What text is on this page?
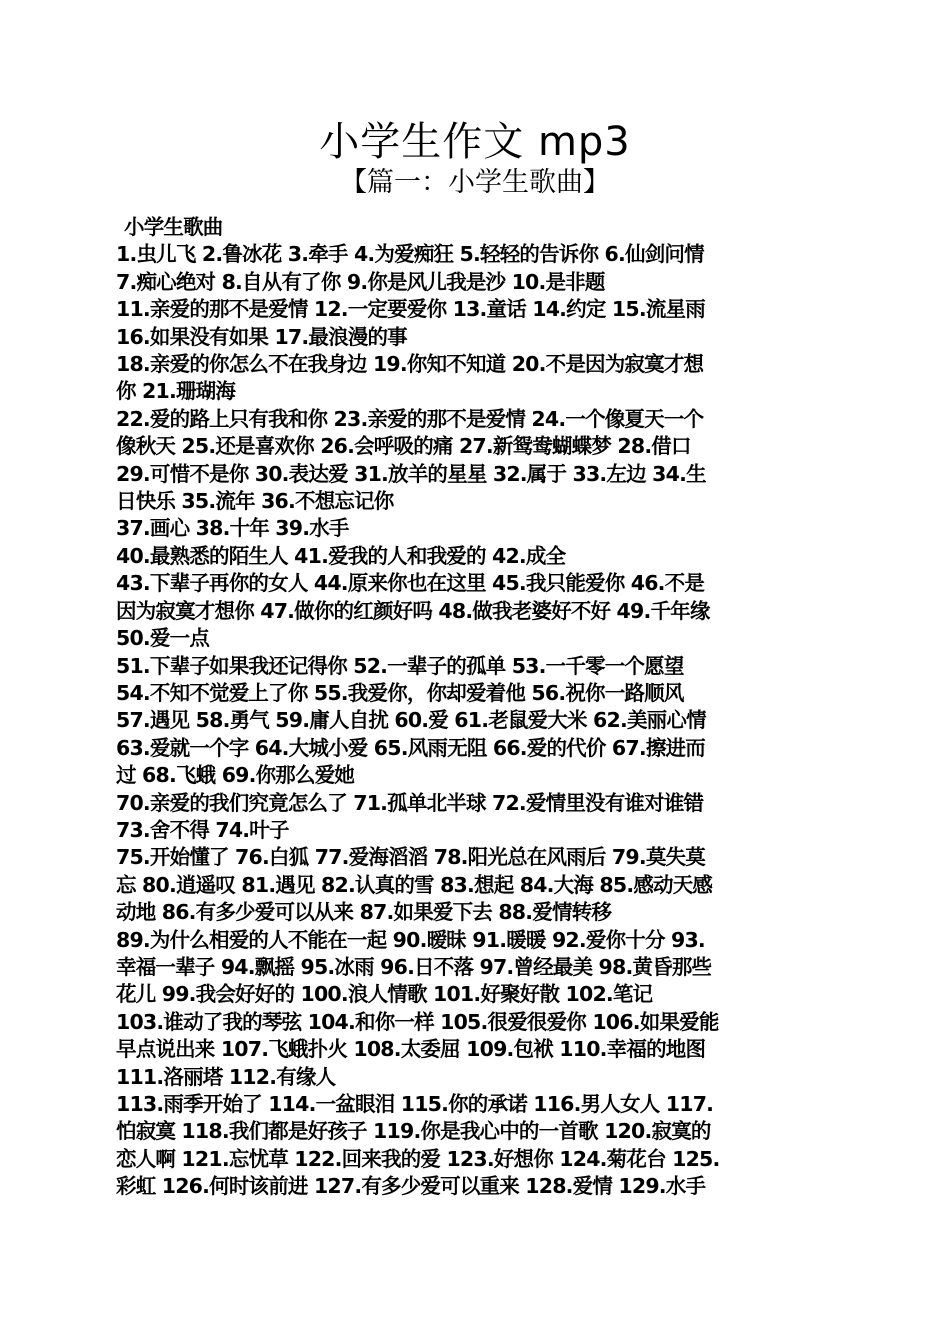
小学生作文 mp3
【篇一：小学生歌曲】
小学生歌曲
1.虫儿飞 2.鲁冰花 3.牵手 4.为爱痴狂 5.轻轻的告诉你 6.仙剑问情
7.痴心绝对 8.自从有了你 9.你是风儿我是沙 10.是非题
11.亲爱的那不是爱情 12.一定要爱你 13.童话 14.约定 15.流星雨
16.如果没有如果 17.最浪漫的事
18.亲爱的你怎么不在我身边 19.你知不知道 20.不是因为寂寞才想
你 21.珊瑚海
22.爱的路上只有我和你 23.亲爱的那不是爱情 24.一个像夏天一个
像秋天 25.还是喜欢你 26.会呼吸的痛 27.新鸳鸯蝴蝶梦 28.借口
29.可惜不是你 30.表达爱 31.放羊的星星 32.属于 33.左边 34.生
日快乐 35.流年 36.不想忘记你
37.画心 38.十年 39.水手
40.最熟悉的陌生人 41.爱我的人和我爱的 42.成全
43.下辈子再你的女人 44.原来你也在这里 45.我只能爱你 46.不是
因为寂寞才想你 47.做你的红颜好吗 48.做我老婆好不好 49.千年缘
50.爱一点
51.下辈子如果我还记得你 52.一辈子的孤单 53.一千零一个愿望
54.不知不觉爱上了你 55.我爱你，你却爱着他 56.祝你一路顺风
57.遇见 58.勇气 59.庸人自扰 60.爱 61.老鼠爱大米 62.美丽心情
63.爱就一个字 64.大城小爱 65.风雨无阻 66.爱的代价 67.擦进而
过 68.飞蛾 69.你那么爱她
70.亲爱的我们究竟怎么了 71.孤单北半球 72.爱情里没有谁对谁错
73.舍不得 74.叶子
75.开始懂了 76.白狐 77.爱海滔滔 78.阳光总在风雨后 79.莫失莫
忘 80.逍遥叹 81.遇见 82.认真的雪 83.想起 84.大海 85.感动天感
动地 86.有多少爱可以从来 87.如果爱下去 88.爱情转移
89.为什么相爱的人不能在一起 90.暧昧 91.暖暖 92.爱你十分 93.
幸福一辈子 94.飘摇 95.冰雨 96.日不落 97.曾经最美 98.黄昏那些
花儿 99.我会好好的 100.浪人情歌 101.好聚好散 102.笔记
103.谁动了我的琴弦 104.和你一样 105.很爱很爱你 106.如果爱能
早点说出来 107.飞蛾扑火 108.太委屈 109.包袱 110.幸福的地图
111.洛丽塔 112.有缘人
113.雨季开始了 114.一盆眼泪 115.你的承诺 116.男人女人 117.
怕寂寞 118.我们都是好孩子 119.你是我心中的一首歌 120.寂寞的
恋人啊 121.忘忧草 122.回来我的爱 123.好想你 124.菊花台 125.
彩虹 126.何时该前进 127.有多少爱可以重来 128.爱情 129.水手
